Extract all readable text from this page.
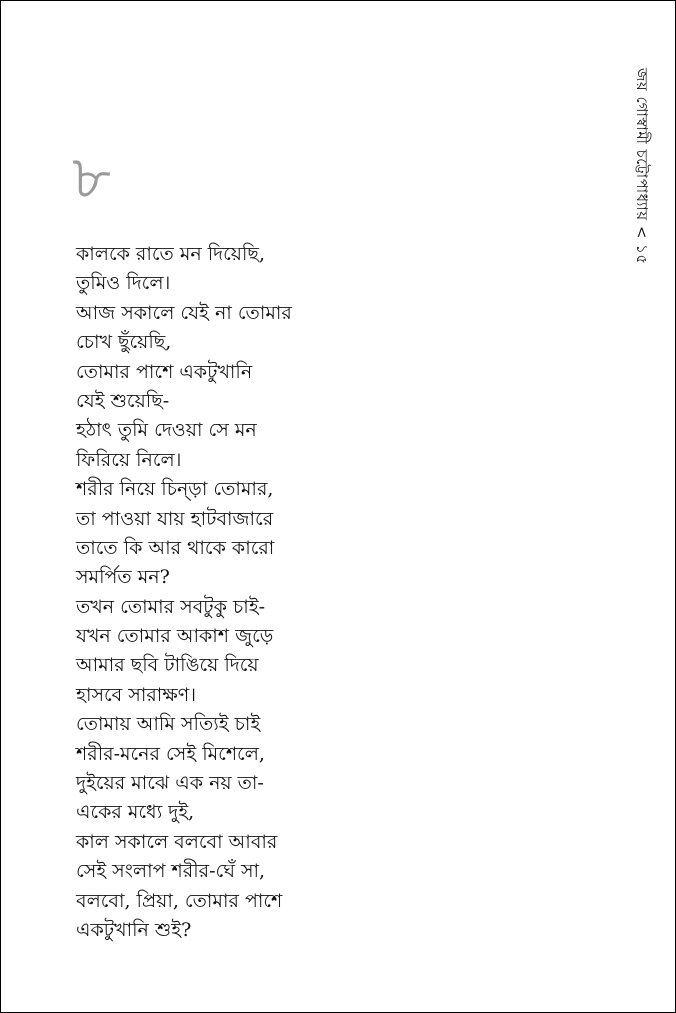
জয় গোস্বামী চট্টোপাধ্যায় < ১৫
৮
কালকে রাতে মন দিয়েছি,
তুমিও দিলে।
আজ সকালে যেই না তোমার
চোখ ছুঁয়েছি,
তোমার পাশে একটুখানি
যেই শুয়েছি-
হঠাৎ তুমি দেওয়া সে মন
ফিরিয়ে নিলে।
শরীর নিয়ে চিন্ড়া তোমার,
তা পাওয়া যায় হাটবাজারে
তাতে কি আর থাকে কারো
সমর্পিত মন?
তখন তোমার সবটুকু চাই-
যখন তোমার আকাশ জুড়ে
আমার ছবি টাঙিয়ে দিয়ে
হাসবে সারাক্ষণ।
তোমায় আমি সত্যিই চাই
শরীর-মনের সেই মিশেলে,
দুইয়ের মাঝে এক নয় তা-
একের মধ্যে দুই,
কাল সকালে বলবো আবার
সেই সংলাপ শরীর-ঘেঁ সা,
বলবো, প্রিয়া, তোমার পাশে
একটুখানি শুই?
